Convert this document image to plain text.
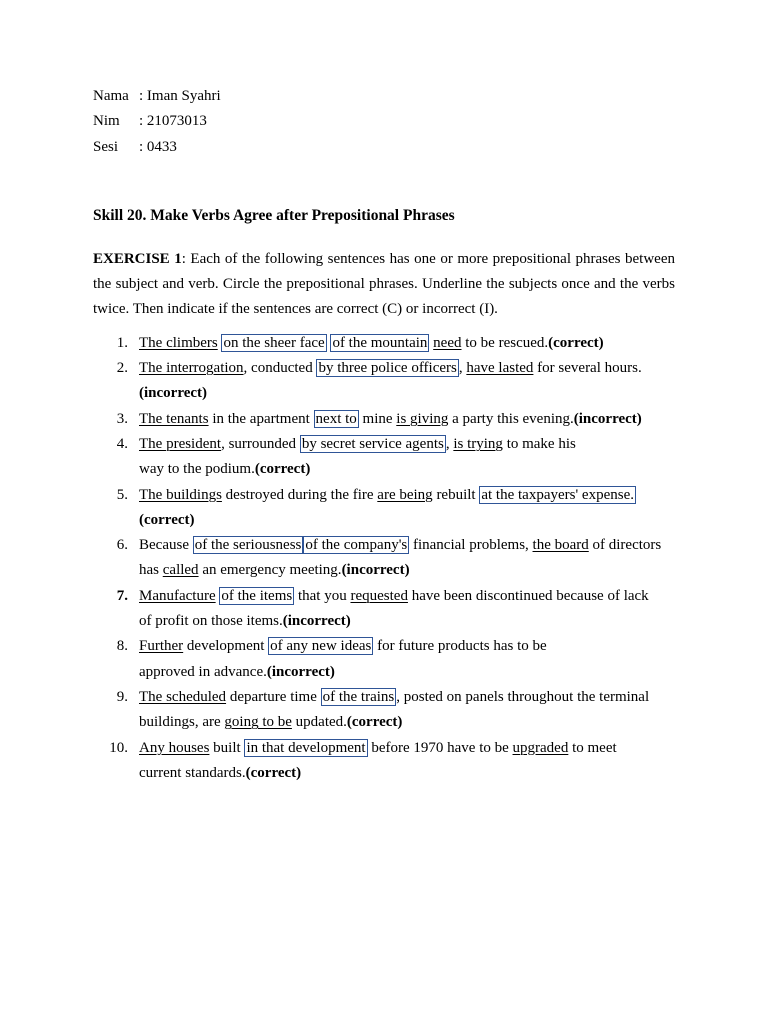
Nama : Iman Syahri
Nim	: 21073013
Sesi	: 0433
Skill 20. Make Verbs Agree after Prepositional Phrases
EXERCISE 1: Each of the following sentences has one or more prepositional phrases between the subject and verb. Circle the prepositional phrases. Underline the subjects once and the verbs twice. Then indicate if the sentences are correct (C) or incorrect (I).
1. The climbers on the sheer face of the mountain need to be rescued.(correct)
2. The interrogation, conducted by three police officers , have lasted for several hours.
(incorrect)
3. The tenants in the apartment next to mine is giving a party this evening.(incorrect)
4. The president, surrounded by secret service agents , is trying to make his
way to the podium.(correct)
5. The buildings destroyed during the fire are being rebuilt at the taxpayers' expense.
(correct)
6. Because of the seriousness of the company's financial problems, the board of directors
has called an emergency meeting.(incorrect)
7. Manufacture of the items that you requested have been discontinued because of lack
of profit on those items.(incorrect)
8. Further development of any new ideas for future products has to be
approved in advance.(incorrect)
9. The scheduled departure time of the trains , posted on panels throughout the terminal
buildings, are going to be updated.(correct)
10. Any houses built in that development before 1970 have to be upgraded to meet
current standards.(correct)
